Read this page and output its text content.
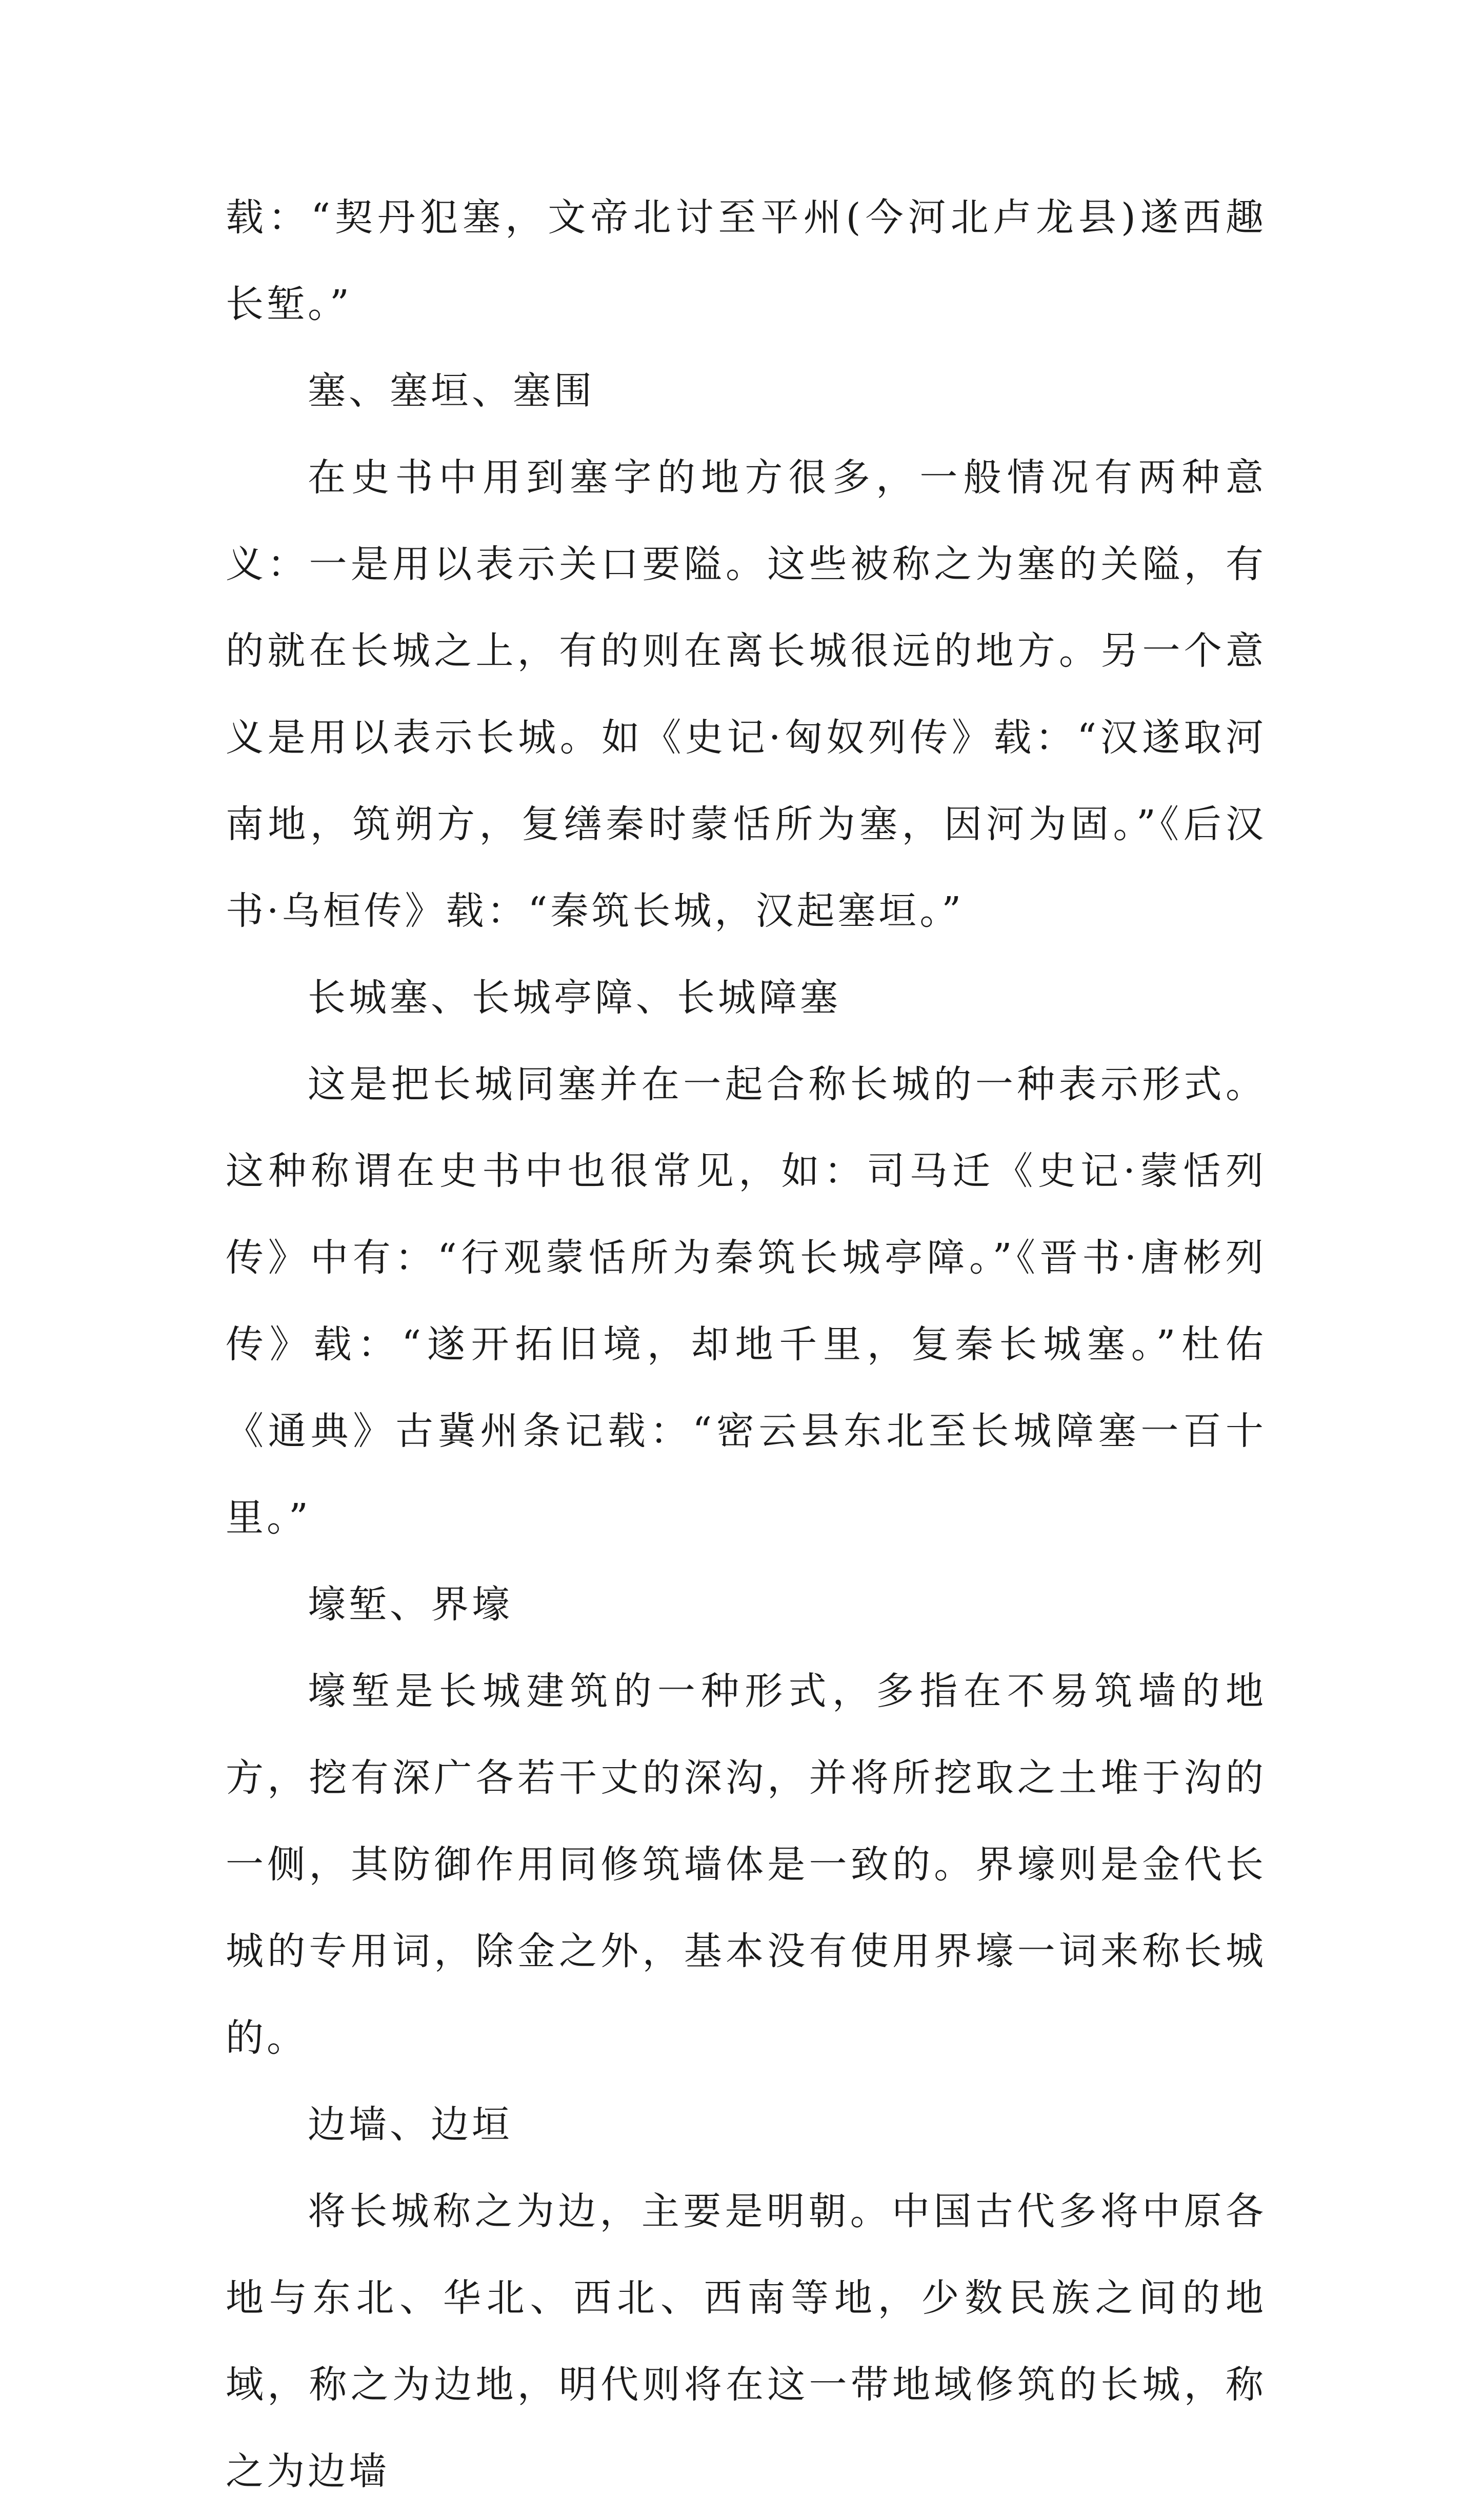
载：“契丹犯塞，文帝北讨至平州(今河北卢龙县)遂西趣长堑。”

塞、塞垣、塞围

在史书中用到塞字的地方很多，一般情况有两种意义：一是用以表示关口要隘。这些被称之为塞的关隘，有的就在长城之上，有的则在离长城很远的地方。另一个意义是用以表示长城。如《史记·匈奴列传》载：“汉遂取河南地，筑朔方，复缮秦时蒙恬所为塞，因河为固。”《后汉书·乌桓传》载：“秦筑长城，汉起塞垣。”

长城塞、长城亭障、长城障塞

这是把长城同塞并在一起合称长城的一种表示形式。这种称谓在史书中也很常见，如：司马迁《史记·蒙恬列传》中有：“行观蒙恬所为秦筑长城亭障。”《晋书·唐彬列传》载：“遂开拓旧境，却地千里，复秦长城塞。”杜佑《通典》古冀州条记载：“密云县东北至长城障塞一百十里。”

壕堑、界壕

壕堑是长城建筑的一种形式，多指在不易筑墙的地方，挖有深广各若干丈的深沟，并将所挖取之土堆于沟的一侧，其防御作用同修筑墙体是一致的。界壕则是金代长城的专用词，除金之外，基本没有使用界壕一词来称长城的。

边墙、边垣

将长城称之为边，主要是明朝。中国古代多将中原各地与东北、华北、西北、西南等地，少数民族之间的地域，称之为边地，明代则将在这一带地域修筑的长城，称之为边墙
